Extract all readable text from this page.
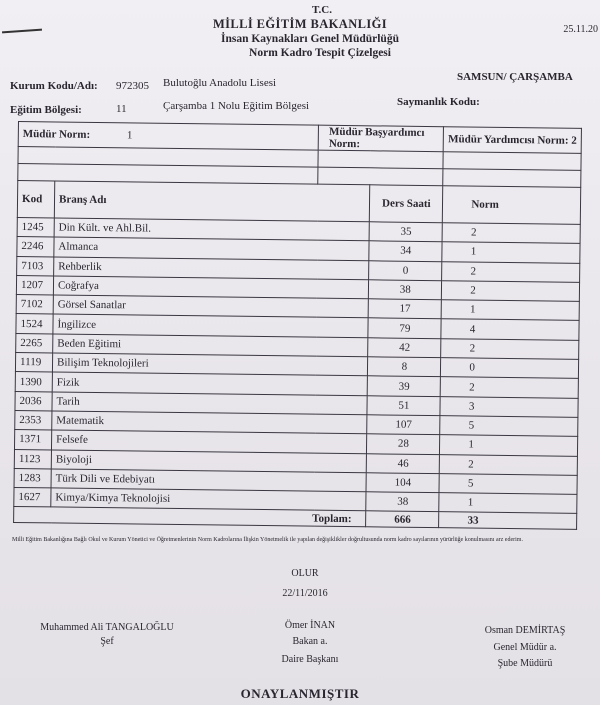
25.11.20
T.C.
MİLLİ EĞİTİM BAKANLIĞI
İnsan Kaynakları Genel Müdürlüğü
Norm Kadro Tespit Çizelgesi
Kurum Kodu/Adı: 972305 Bulutoğlu Anadolu Lisesi	SAMSUN/ ÇARŞAMBA
Eğitim Bölgesi:	11	Çarşamba 1 Nolu Eğitim Bölgesi	Saymanlık Kodu:
Müdür Norm: 1		Müdür Başyardımcı Norm:		Müdür Yardımcısı Norm: 2

Kod	Branş Adı		Ders Saati	Norm
1245	Din Kült. ve Ahl.Bil.		35	2
2246	Almanca		34	1
7103	Rehberlik		0	2
1207	Coğrafya		38	2
7102	Görsel Sanatlar		17	1
1524	İngilizce		79	4
2265	Beden Eğitimi		42	2
1119	Bilişim Teknolojileri		8	0
1390	Fizik		39	2
2036	Tarih		51	3
2353	Matematik		107	5
1371	Felsefe		28	1
1123	Biyoloji		46	2
1283	Türk Dili ve Edebiyatı		104	5
1627	Kimya/Kimya Teknolojisi		38	1
Toplam:			666	33
Milli Eğitim Bakanlığına Bağlı Okul ve Kurum Yönetici ve Öğretmenlerinin Norm Kadrolarına İlişkin Yönetmelik ile yapılan değişiklikler doğrultusunda norm kadro sayılarının yürürlüğe konulmasını arz ederim.
OLUR
22/11/2016
Muhammed Ali TANGALOĞLU
Şef
Ömer İNAN
Bakan a.
Daire Başkanı
Osman DEMİRTAŞ
Genel Müdür a.
Şube Müdürü
ONAYLANMIŞTIR
